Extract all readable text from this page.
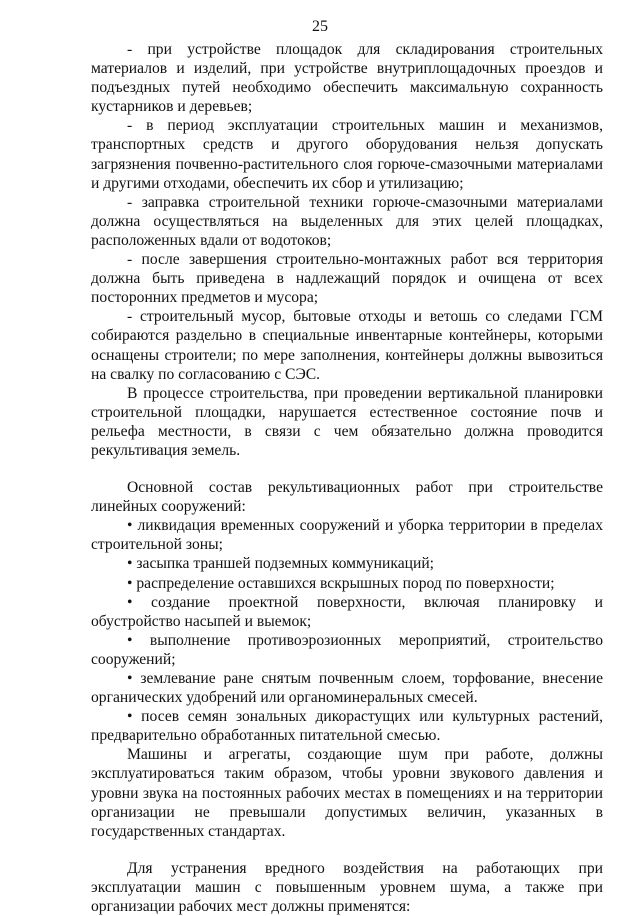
25

- при устройстве площадок для складирования строительных материалов и изделий, при устройстве внутриплощадочных проездов и подъездных путей необходимо обеспечить максимальную сохранность кустарников и деревьев;

- в период эксплуатации строительных машин и механизмов, транспортных средств и другого оборудования нельзя допускать загрязнения почвенно-растительного слоя горюче-смазочными материалами и другими отходами, обеспечить их сбор и утилизацию;

- заправка строительной техники горюче-смазочными материалами должна осуществляться на выделенных для этих целей площадках, расположенных вдали от водотоков;

- после завершения строительно-монтажных работ вся территория должна быть приведена в надлежащий порядок и очищена от всех посторонних предметов и мусора;

- строительный мусор, бытовые отходы и ветошь со следами ГСМ собираются раздельно в специальные инвентарные контейнеры, которыми оснащены строители; по мере заполнения, контейнеры должны вывозиться на свалку по согласованию с СЭС.

В процессе строительства, при проведении вертикальной планировки строительной площадки, нарушается естественное состояние почв и рельефа местности, в связи с чем обязательно должна проводится рекультивация земель.

Основной состав рекультивационных работ при строительстве линейных сооружений:

• ликвидация временных сооружений и уборка территории в пределах строительной зоны;

• засыпка траншей подземных коммуникаций;

• распределение оставшихся вскрышных пород по поверхности;

• создание проектной поверхности, включая планировку и обустройство насыпей и выемок;

• выполнение противоэрозионных мероприятий, строительство сооружений;

• землевание ране снятым почвенным слоем, торфование, внесение органических удобрений или органоминеральных смесей.

• посев семян зональных дикорастущих или культурных растений, предварительно обработанных питательной смесью.

Машины и агрегаты, создающие шум при работе, должны эксплуатироваться таким образом, чтобы уровни звукового давления и уровни звука на постоянных рабочих местах в помещениях и на территории организации не превышали допустимых величин, указанных в государственных стандартах.

Для устранения вредного воздействия на работающих при эксплуатации машин с повышенным уровнем шума, а также при организации рабочих мест должны применятся:
